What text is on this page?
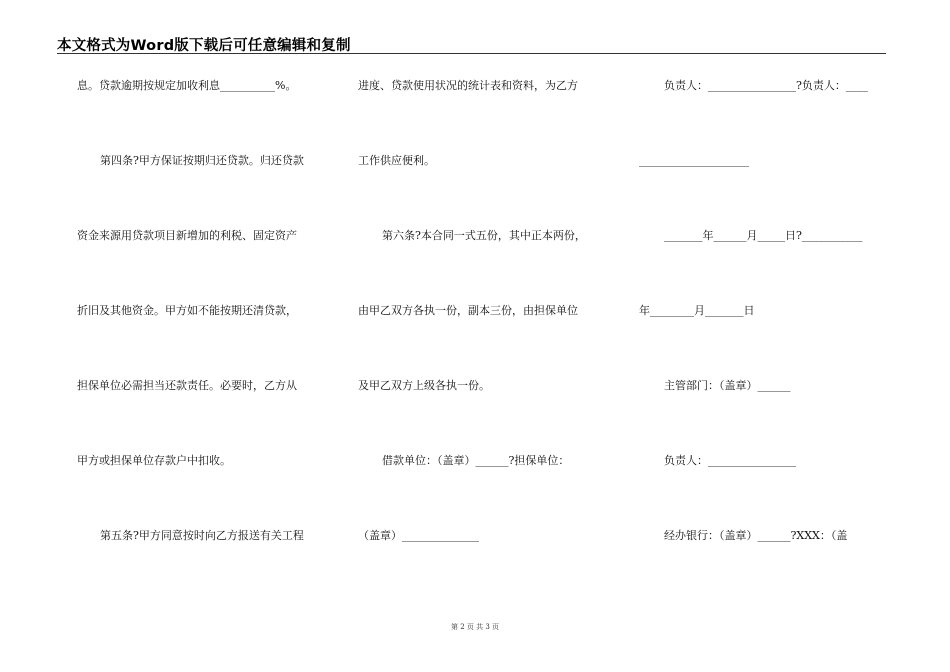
本文格式为Word版下载后可任意编辑和复制
息。贷款逾期按规定加收利息__________%。
第四条?甲方保证按期归还贷款。归还贷款
资金来源用贷款项目新增加的利税、固定资产
折旧及其他资金。甲方如不能按期还清贷款，
担保单位必需担当还款责任。必要时，乙方从
甲方或担保单位存款户中扣收。
第五条?甲方同意按时向乙方报送有关工程
进度、贷款使用状况的统计表和资料，为乙方
工作供应便利。
第六条?本合同一式五份，其中正本两份，
由甲乙双方各执一份，副本三份，由担保单位
及甲乙双方上级各执一份。
借款单位：（盖章）______?担保单位：
（盖章）______________
负责人：________________?负责人：____
____________________
_______年______月_____日?___________
年________月_______日
主管部门：（盖章）______
负责人：________________
经办银行：（盖章）______?XXX：（盖
第 2 页 共 3 页
